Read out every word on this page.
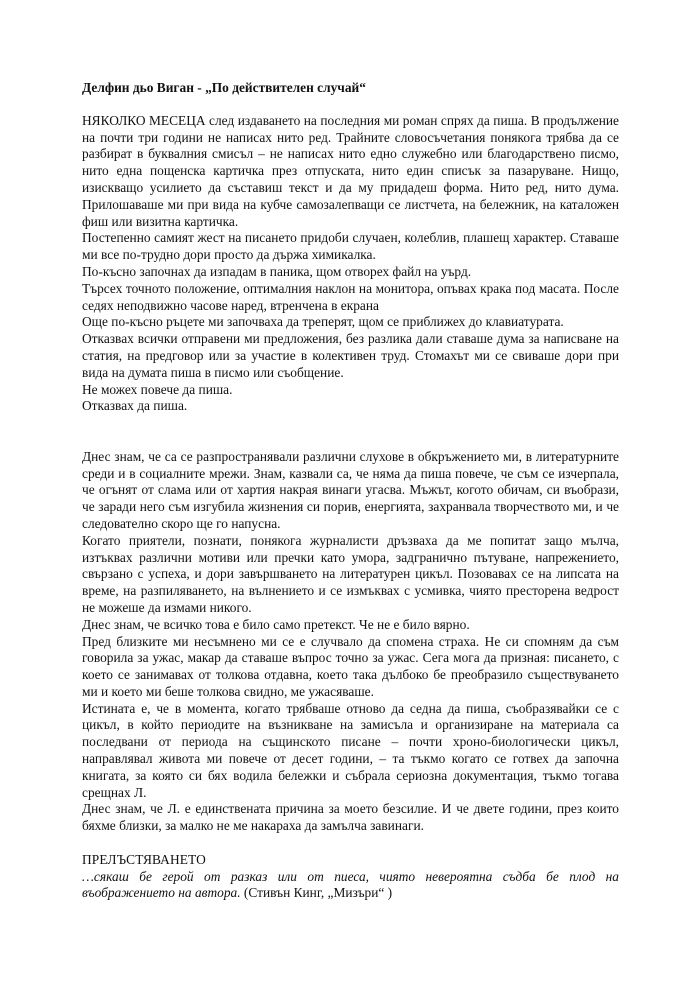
Делфин дьо Виган - „По действителен случай“

НЯКОЛКО МЕСЕЦА след издаването на последния ми роман спрях да пиша. В продължение на почти три години не написах нито ред. Трайните словосъчетания понякога трябва да се разбират в буквалния смисъл – не написах нито едно служебно или благодарствено писмо, нито една пощенска картичка през отпуската, нито един списък за пазаруване. Нищо, изискващо усилието да съставиш текст и да му придадеш форма. Нито ред, нито дума. Прилошаваше ми при вида на кубче самозалепващи се листчета, на бележник, на каталожен фиш или визитна картичка.

Постепенно самият жест на писането придоби случаен, колеблив, плашещ характер. Ставаше ми все по-трудно дори просто да държа химикалка.

По-късно започнах да изпадам в паника, щом отворех файл на уърд.

Търсех точното положение, оптималния наклон на монитора, опъвах крака под масата. После седях неподвижно часове наред, втренчена в екрана

Още по-късно ръцете ми започваха да треперят, щом се приближех до клавиатурата.

Отказвах всички отправени ми предложения, без разлика дали ставаше дума за написване на статия, на предговор или за участие в колективен труд. Стомахът ми се свиваше дори при вида на думата пиша в писмо или съобщение.

Не можех повече да пиша.

Отказвах да пиша.

Днес знам, че са се разпространявали различни слухове в обкръжението ми, в литературните среди и в социалните мрежи. Знам, казвали са, че няма да пиша повече, че съм се изчерпала, че огънят от слама или от хартия накрая винаги угасва. Мъжът, когото обичам, си въобрази, че заради него съм изгубила жизнения си порив, енергията, захранвала творчеството ми, и че следователно скоро ще го напусна.

Когато приятели, познати, понякога журналисти дръзваха да ме попитат защо мълча, изтъквах различни мотиви или пречки като умора, задгранично пътуване, напрежението, свързано с успеха, и дори завършването на литературен цикъл. Позовавах се на липсата на време, на разпиляването, на вълнението и се измъквах с усмивка, чиято престорена ведрост не можеше да измами никого.

Днес знам, че всичко това е било само претекст. Че не е било вярно.

Пред близките ми несъмнено ми се е случвало да спомена страха. Не си спомням да съм говорила за ужас, макар да ставаше въпрос точно за ужас. Сега мога да призная: писането, с което се занимавах от толкова отдавна, което така дълбоко бе преобразило съществуването ми и което ми беше толкова свидно, ме ужасяваше.

Истината е, че в момента, когато трябваше отново да седна да пиша, съобразявайки се с цикъл, в който периодите на възникване на замисъла и организиране на материала са последвани от периода на същинското писане – почти хроно-биологически цикъл, направлявал живота ми повече от десет години, – та тъкмо когато се готвех да започна книгата, за която си бях водила бележки и събрала сериозна документация, тъкмо тогава срещнах Л.

Днес знам, че Л. е единствената причина за моето безсилие. И че двете години, през които бяхме близки, за малко не ме накараха да замълча завинаги.

ПРЕЛЪСТЯВАНЕТО

…сякаш бе герой от разказ или от пиеса, чиято невероятна съдба бе плод на въображението на автора. (Стивън Кинг, „Мизъри“ )
